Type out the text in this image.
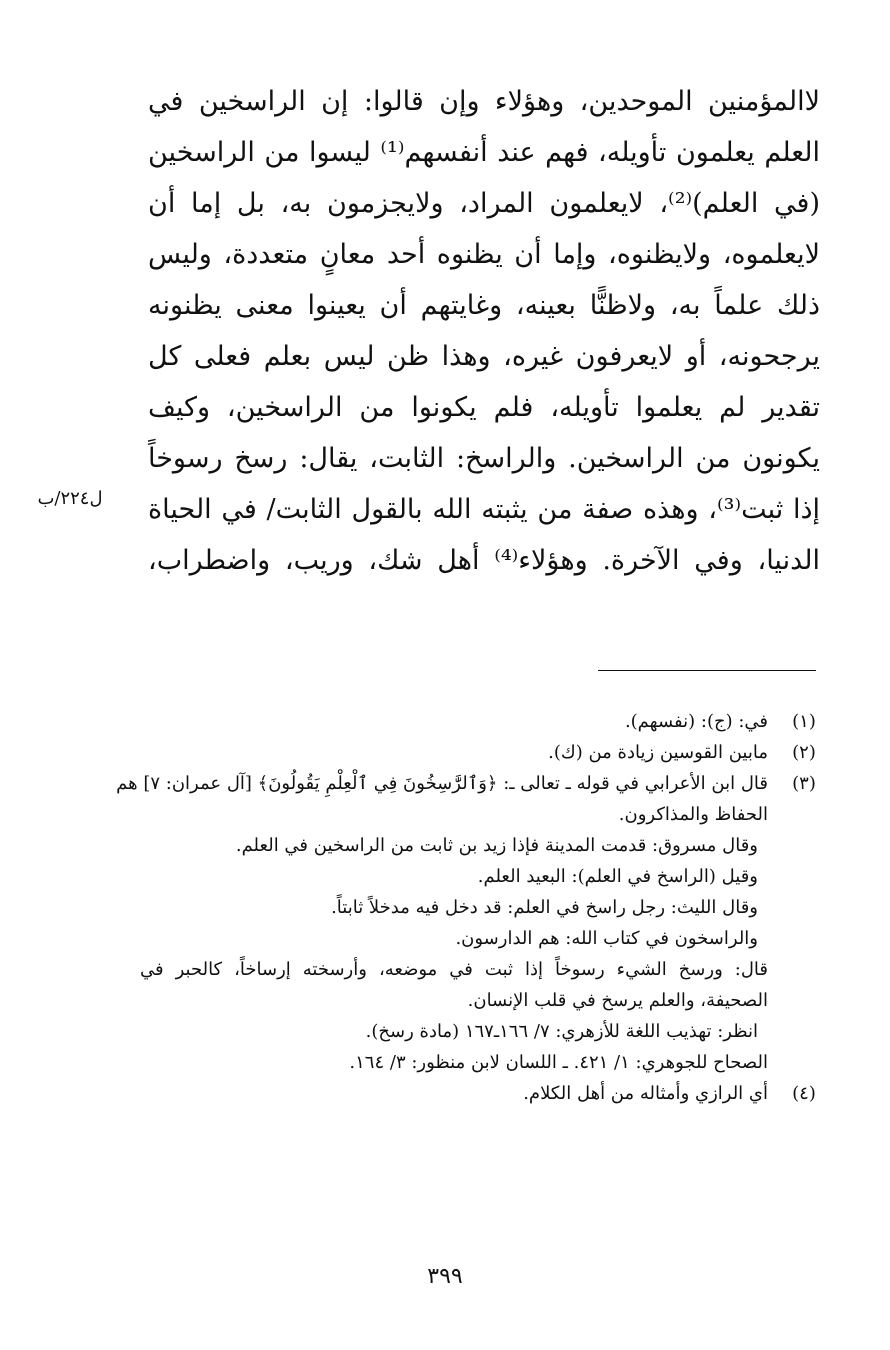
لاالمؤمنين الموحدين، وهؤلاء وإن قالوا: إن الراسخين في
العلم يعلمون تأويله، فهم عند أنفسهم⁽¹⁾ ليسوا من الراسخين
(في العلم)⁽²⁾، لايعلمون المراد، ولايجزمون به، بل إما أن
لايعلموه، ولايظنوه، وإما أن يظنوه أحد معانٍ متعددة، وليس
ذلك علماً به، ولاظنًّا بعينه، وغايتهم أن يعينوا معنى يظنونه
يرجحونه، أو لايعرفون غيره، وهذا ظن ليس بعلم فعلى كل
تقدير لم يعلموا تأويله، فلم يكونوا من الراسخين، وكيف
يكونون من الراسخين. والراسخ: الثابت، يقال: رسخ رسوخاً
إذا ثبت⁽³⁾، وهذه صفة من يثبته الله بالقول الثابت/ في الحياة
الدنيا، وفي الآخرة. وهؤلاء⁽⁴⁾ أهل شك، وريب، واضطراب،
ل٢٢٤/ب
(١)
في: (ج): (نفسهم).
(٢)
مابين القوسين زيادة من (ك).
(٣)
قال ابن الأعرابي في قوله ـ تعالى ـ: ﴿وَٱلرَّٰسِخُونَ فِي ٱلْعِلْمِ يَقُولُونَ﴾ [آل عمران: ٧] هم
الحفاظ والمذاكرون.
وقال مسروق: قدمت المدينة فإذا زيد بن ثابت من الراسخين في العلم.
وقيل (الراسخ في العلم): البعيد العلم.
وقال الليث: رجل راسخ في العلم: قد دخل فيه مدخلاً ثابتاً.
والراسخون في كتاب الله: هم الدارسون.
قال: ورسخ الشيء رسوخاً إذا ثبت في موضعه، وأرسخته إرساخاً، كالحبر في
الصحيفة، والعلم يرسخ في قلب الإنسان.
انظر: تهذيب اللغة للأزهري: ٧/ ١٦٦ـ١٦٧ (مادة رسخ).
الصحاح للجوهري: ١/ ٤٢١. ـ اللسان لابن منظور: ٣/ ١٦٤.
(٤)
أي الرازي وأمثاله من أهل الكلام.
٣٩٩
